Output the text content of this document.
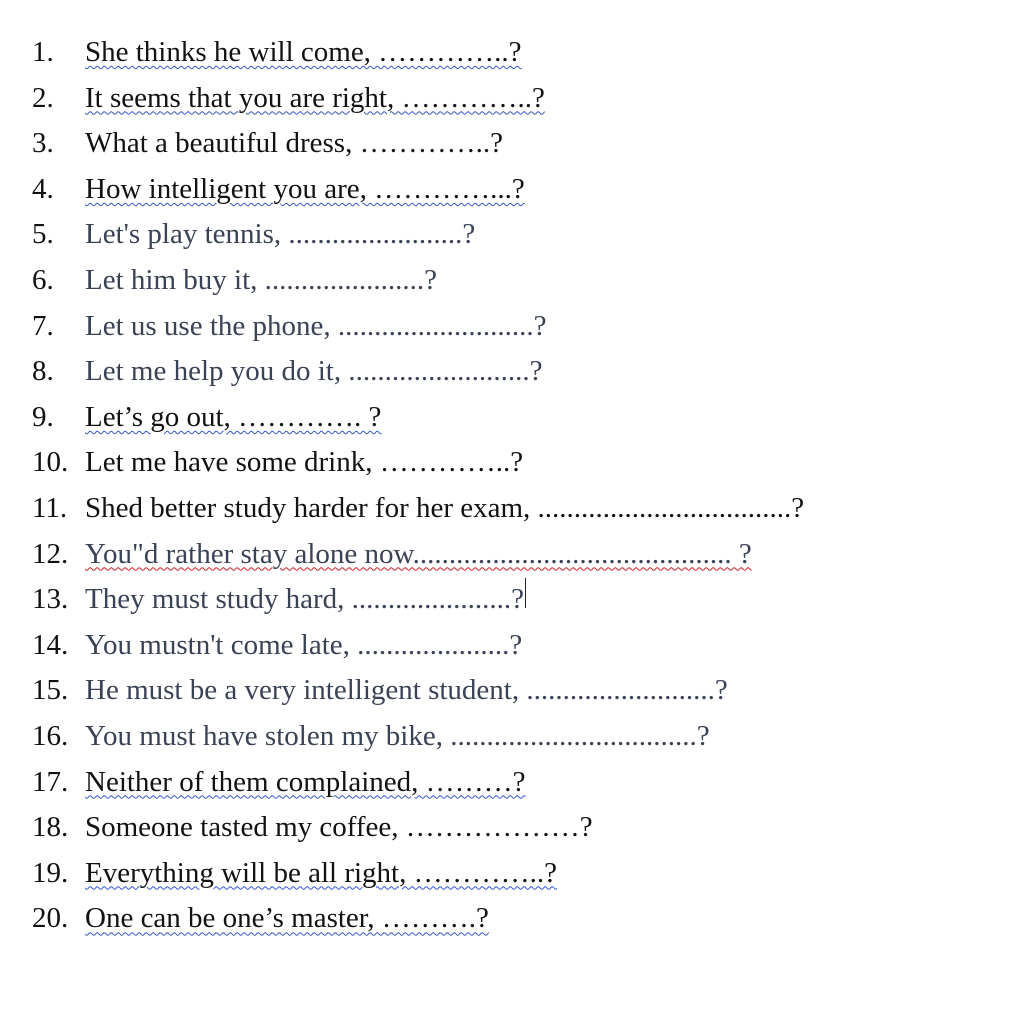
1.	She thinks he will come, …………..?
2.	It seems that you are right, …………..?
3.	What a beautiful dress, …………..?
4.	How intelligent you are, …………...?
5.	Let's play tennis, ........................?
6.	Let him buy it, ......................?
7.	Let us use the phone, ...........................?
8.	Let me help you do it, .........................?
9.	Let’s go out, …………. ?
10. Let me have some drink, …………..?
11. Shed better study harder for her exam, ...................................?
12. You"d rather stay alone now............................................ ?
13. They must study hard, ......................?
14. You mustn't come late, .....................?
15. He must be a very intelligent student, ..........................?
16. You must have stolen my bike, ..................................?
17. Neither of them complained, ………?
18. Someone tasted my coffee, ………………?
19. Everything will be all right, …………..?
20. One can be one’s master, ……….?
